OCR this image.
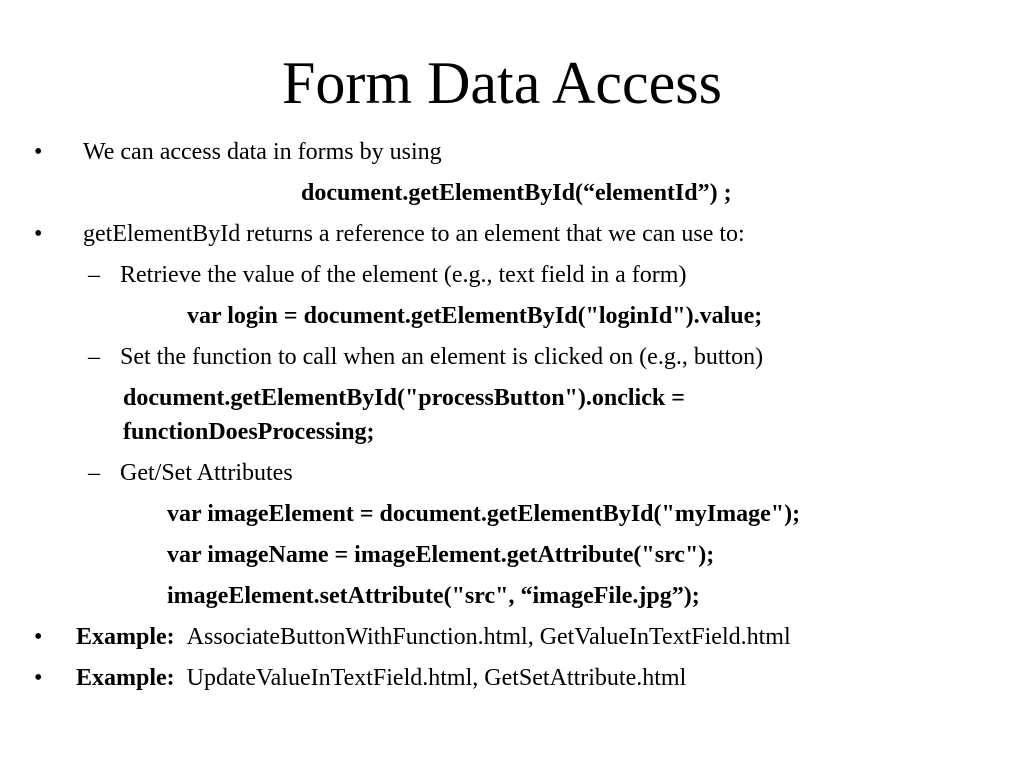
Form Data Access
• We can access data in forms by using
document.getElementById(“elementId”) ;
• getElementById returns a reference to an element that we can use to:
– Retrieve the value of the element (e.g., text field in a form)
var login = document.getElementById("loginId").value;
– Set the function to call when an element is clicked on (e.g., button)
document.getElementById("processButton").onclick =
functionDoesProcessing;
– Get/Set Attributes
var imageElement = document.getElementById("myImage");
var imageName = imageElement.getAttribute("src");
imageElement.setAttribute("src", “imageFile.jpg”);
• Example: AssociateButtonWithFunction.html, GetValueInTextField.html
• Example: UpdateValueInTextField.html, GetSetAttribute.html
